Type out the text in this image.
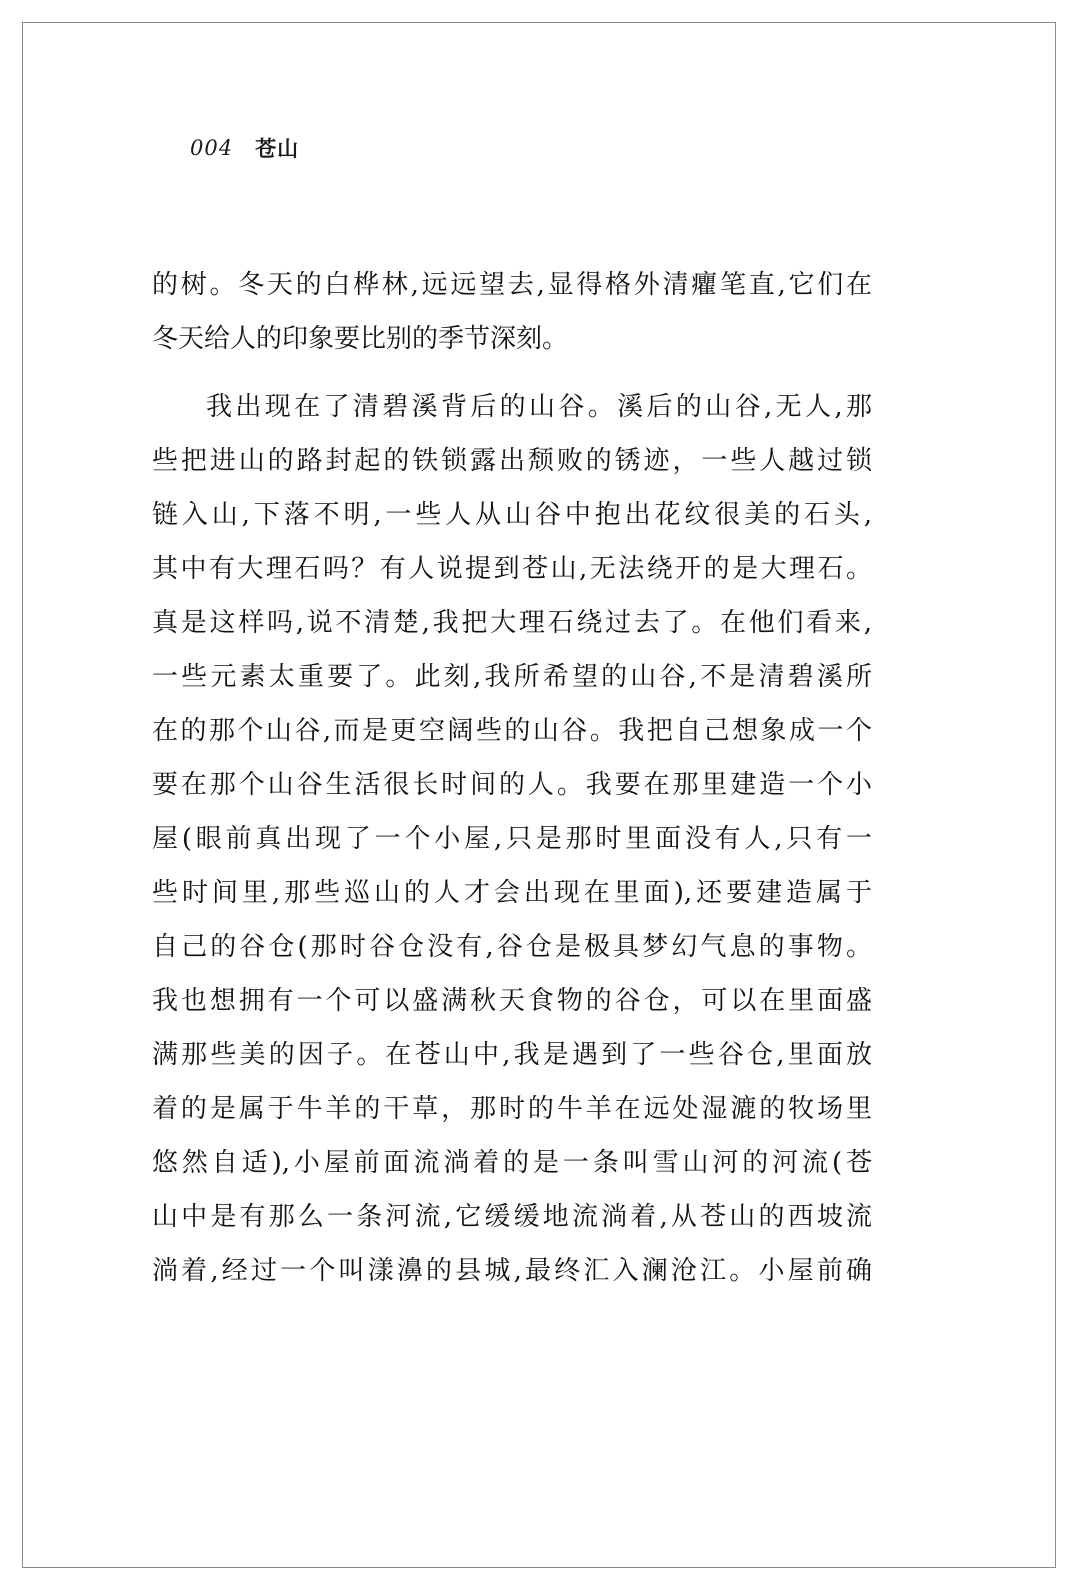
004 苍山
的树。冬天的白桦林,远远望去,显得格外清癯笔直,它们在
冬天给人的印象要比别的季节深刻。
我出现在了清碧溪背后的山谷。溪后的山谷,无人,那
些把进山的路封起的铁锁露出颓败的锈迹，一些人越过锁
链入山,下落不明,一些人从山谷中抱出花纹很美的石头,
其中有大理石吗？有人说提到苍山,无法绕开的是大理石。
真是这样吗,说不清楚,我把大理石绕过去了。在他们看来,
一些元素太重要了。此刻,我所希望的山谷,不是清碧溪所
在的那个山谷,而是更空阔些的山谷。我把自己想象成一个
要在那个山谷生活很长时间的人。我要在那里建造一个小
屋(眼前真出现了一个小屋,只是那时里面没有人,只有一
些时间里,那些巡山的人才会出现在里面),还要建造属于
自己的谷仓(那时谷仓没有,谷仓是极具梦幻气息的事物。
我也想拥有一个可以盛满秋天食物的谷仓，可以在里面盛
满那些美的因子。在苍山中,我是遇到了一些谷仓,里面放
着的是属于牛羊的干草，那时的牛羊在远处湿漉的牧场里
悠然自适),小屋前面流淌着的是一条叫雪山河的河流(苍
山中是有那么一条河流,它缓缓地流淌着,从苍山的西坡流
淌着,经过一个叫漾濞的县城,最终汇入澜沧江。小屋前确
